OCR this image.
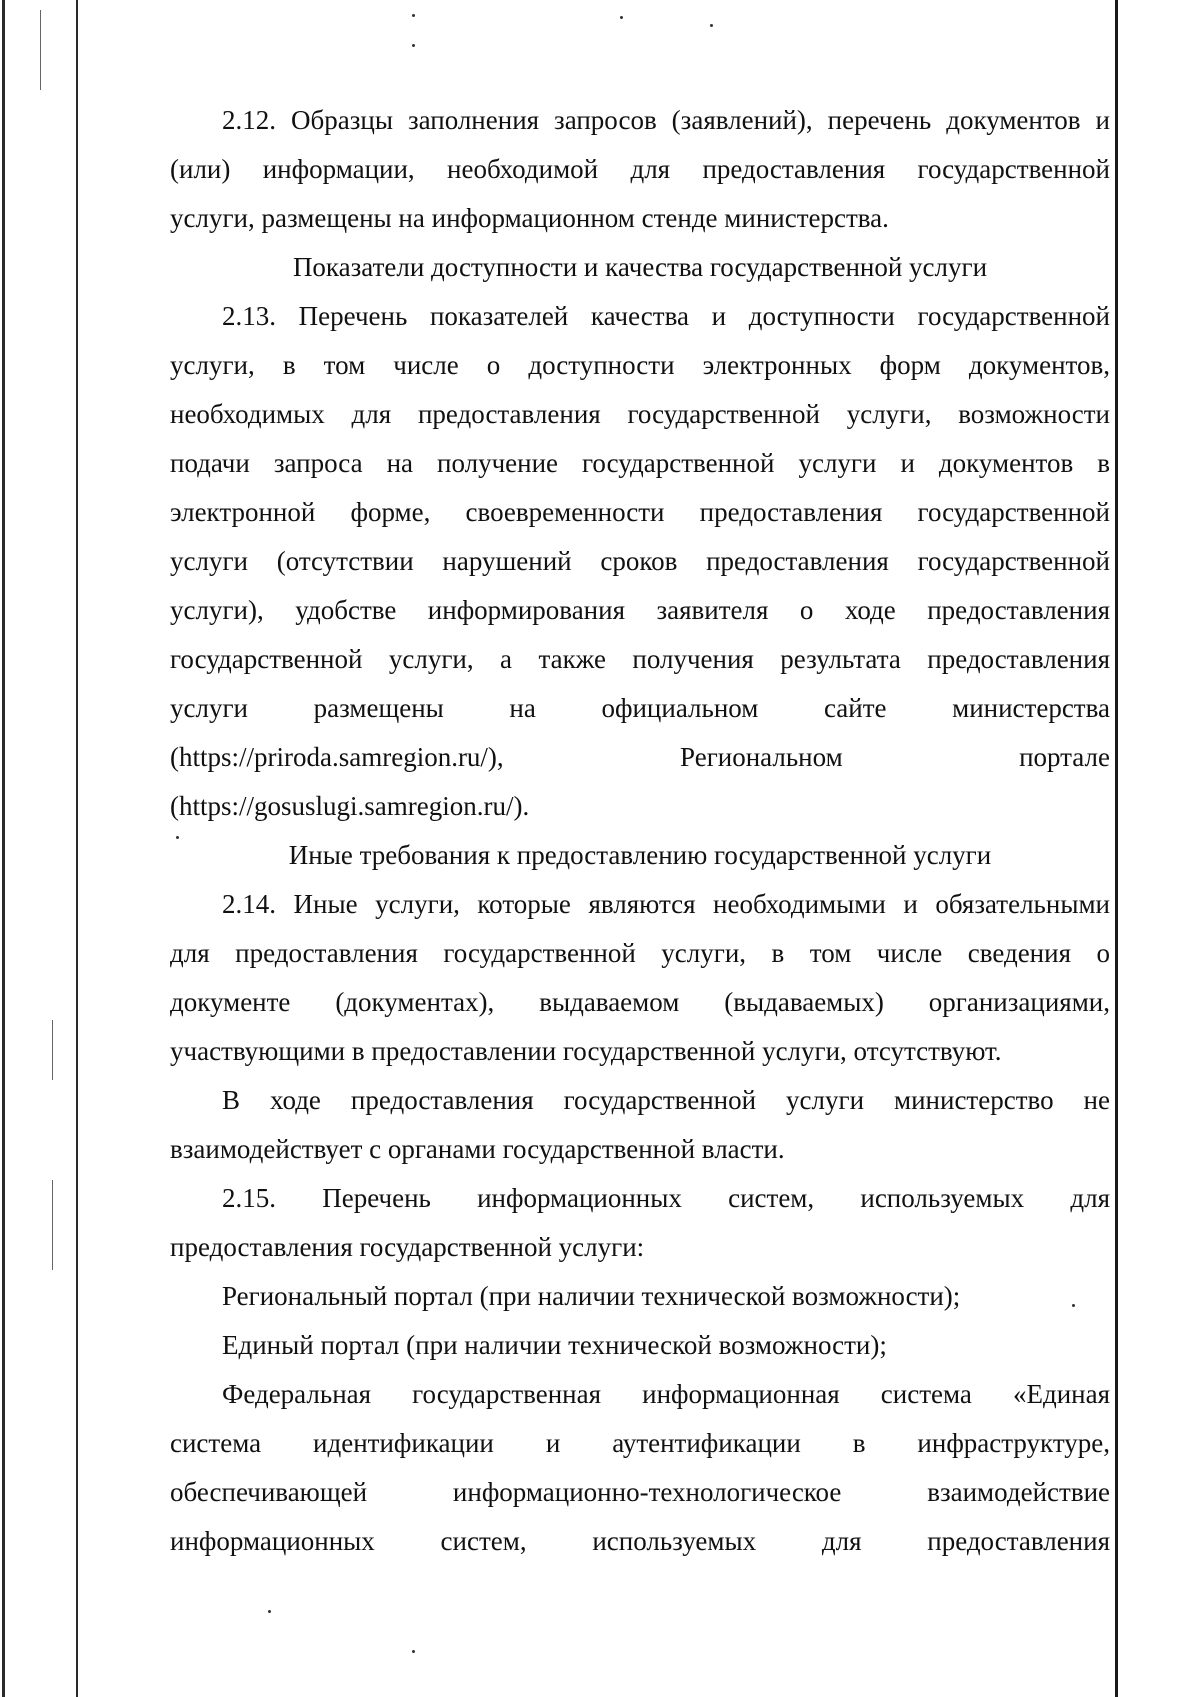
2.12. Образцы заполнения запросов (заявлений), перечень документов и
(или) информации, необходимой для предоставления государственной
услуги, размещены на информационном стенде министерства.
Показатели доступности и качества государственной услуги
2.13. Перечень показателей качества и доступности государственной
услуги, в том числе о доступности электронных форм документов,
необходимых для предоставления государственной услуги, возможности
подачи запроса на получение государственной услуги и документов в
электронной форме, своевременности предоставления государственной
услуги (отсутствии нарушений сроков предоставления государственной
услуги), удобстве информирования заявителя о ходе предоставления
государственной услуги, а также получения результата предоставления
услуги размещены на официальном сайте министерства
(https://priroda.samregion.ru/), Региональном портале
(https://gosuslugi.samregion.ru/).
Иные требования к предоставлению государственной услуги
2.14. Иные услуги, которые являются необходимыми и обязательными
для предоставления государственной услуги, в том числе сведения о
документе (документах), выдаваемом (выдаваемых) организациями,
участвующими в предоставлении государственной услуги, отсутствуют.
В ходе предоставления государственной услуги министерство не
взаимодействует с органами государственной власти.
2.15. Перечень информационных систем, используемых для
предоставления государственной услуги:
Региональный портал (при наличии технической возможности);
Единый портал (при наличии технической возможности);
Федеральная государственная информационная система «Единая
система идентификации и аутентификации в инфраструктуре,
обеспечивающей информационно-технологическое взаимодействие
информационных систем, используемых для предоставления
